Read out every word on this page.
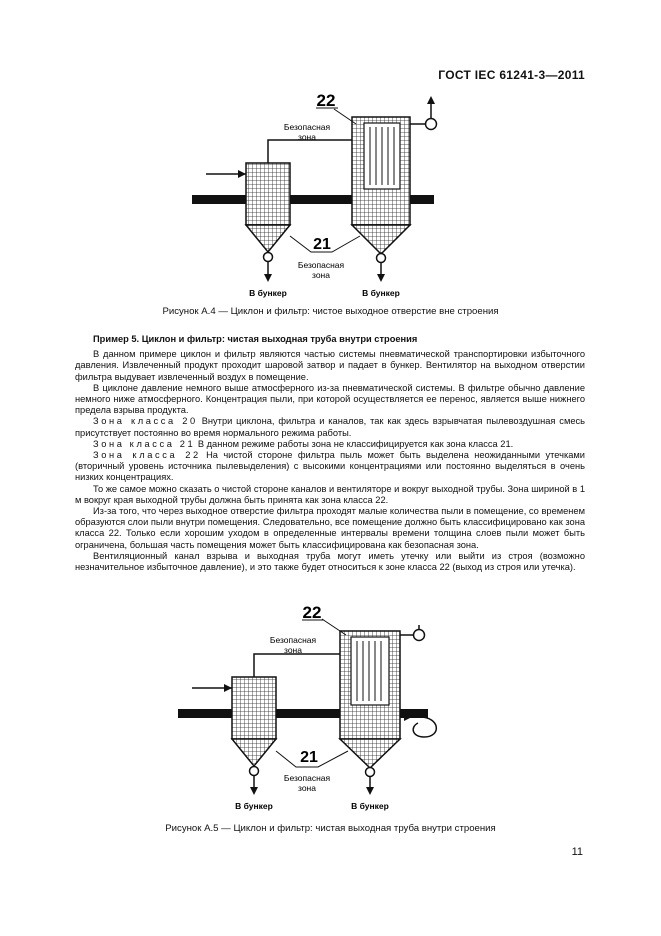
ГОСТ IEC 61241-3—2011
22
Безопасная
зона
21
Безопасная
зона
В бункер	В бункер
Рисунок А.4 — Циклон и фильтр: чистое выходное отверстие вне строения

Пример 5. Циклон и фильтр: чистая выходная труба внутри строения

В данном примере циклон и фильтр являются частью системы пневматической транспортировки избыточного давления. Извлеченный продукт проходит шаровой затвор и падает в бункер. Вентилятор на выходном отверстии фильтра выдувает извлеченный воздух в помещение.

В циклоне давление немного выше атмосферного из-за пневматической системы. В фильтре обычно давление немного ниже атмосферного. Концентрация пыли, при которой осуществляется ее перенос, является выше нижнего предела взрыва продукта.

Зона класса 20 Внутри циклона, фильтра и каналов, так как здесь взрывчатая пылевоздушная смесь присутствует постоянно во время нормального режима работы.

Зона класса 21 В данном режиме работы зона не классифицируется как зона класса 21.

Зона класса 22 На чистой стороне фильтра пыль может быть выделена неожиданными утечками (вторичный уровень источника пылевыделения) с высокими концентрациями или постоянно выделяться в очень низких концентрациях.

То же самое можно сказать о чистой стороне каналов и вентиляторе и вокруг выходной трубы. Зона шириной в 1 м вокруг края выходной трубы должна быть принята как зона класса 22.

Из-за того, что через выходное отверстие фильтра проходят малые количества пыли в помещение, со временем образуются слои пыли внутри помещения. Следовательно, все помещение должно быть классифицировано как зона класса 22. Только если хорошим уходом в определенные интервалы времени толщина слоев пыли может быть ограничена, большая часть помещения может быть классифицирована как безопасная зона.

Вентиляционный канал взрыва и выходная труба могут иметь утечку или выйти из строя (возможно незначительное избыточное давление), и это также будет относиться к зоне класса 22 (выход из строя или утечка).

22
Безопасная
зона
21
Безопасная
зона
В бункер	В бункер
Рисунок А.5 — Циклон и фильтр: чистая выходная труба внутри строения
11
